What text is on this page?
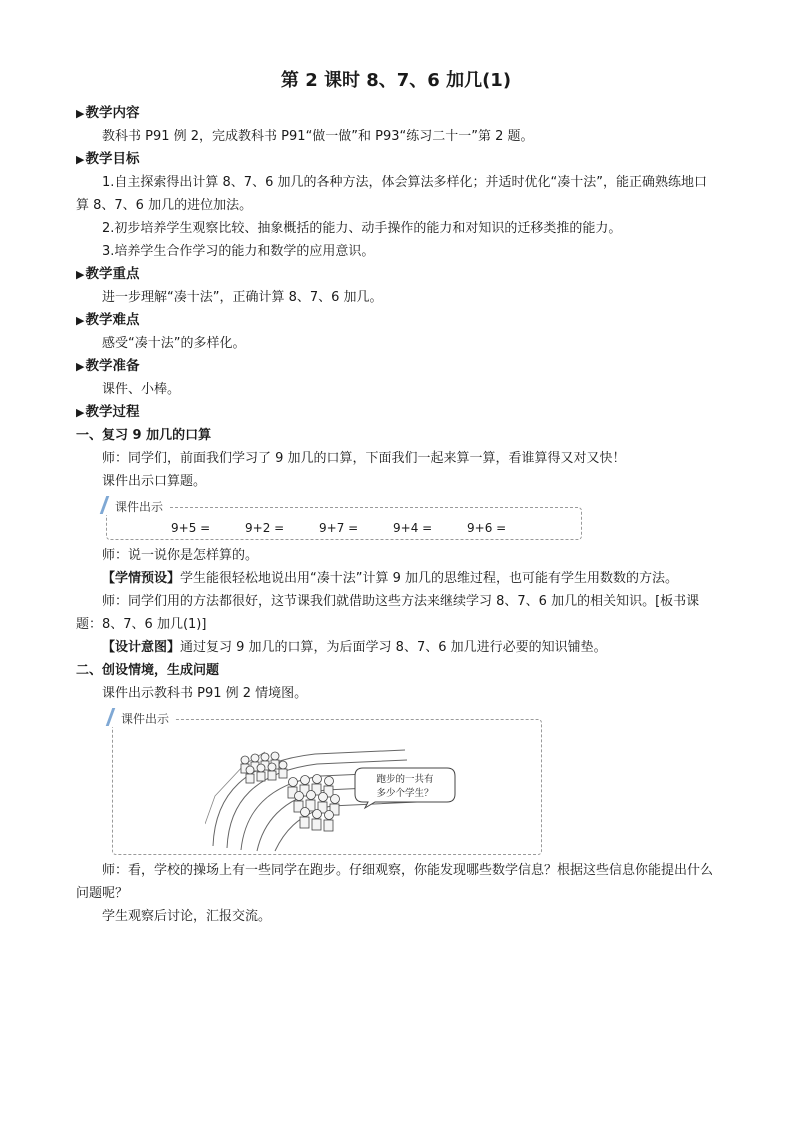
第 2 课时 8、7、6 加几(1)
▶教学内容

教科书 P91 例 2，完成教科书 P91“做一做”和 P93“练习二十一”第 2 题。

▶教学目标

1.自主探索得出计算 8、7、6 加几的各种方法，体会算法多样化；并适时优化“凑十法”，能正确熟练地口算 8、7、6 加几的进位加法。

2.初步培养学生观察比较、抽象概括的能力、动手操作的能力和对知识的迁移类推的能力。

3.培养学生合作学习的能力和数学的应用意识。

▶教学重点

进一步理解“凑十法”，正确计算 8、7、6 加几。

▶教学难点

感受“凑十法”的多样化。

▶教学准备

课件、小棒。

▶教学过程
一、复习 9 加几的口算

师：同学们，前面我们学习了 9 加几的口算，下面我们一起来算一算，看谁算得又对又快！

课件出示口算题。

课件出示
9+5 =	9+2 =	9+7 =	9+4 =	9+6 =

师：说一说你是怎样算的。

【学情预设】学生能很轻松地说出用“凑十法”计算 9 加几的思维过程，也可能有学生用数数的方法。

师：同学们用的方法都很好，这节课我们就借助这些方法来继续学习 8、7、6 加几的相关知识。[板书课题：8、7、6 加几(1)]

【设计意图】通过复习 9 加几的口算，为后面学习 8、7、6 加几进行必要的知识铺垫。

二、创设情境，生成问题

课件出示教科书 P91 例 2 情境图。

课件出示
跑步的一共有
多少个学生？

师：看，学校的操场上有一些同学在跑步。仔细观察，你能发现哪些数学信息？根据这些信息你能提出什么问题呢？

学生观察后讨论，汇报交流。
